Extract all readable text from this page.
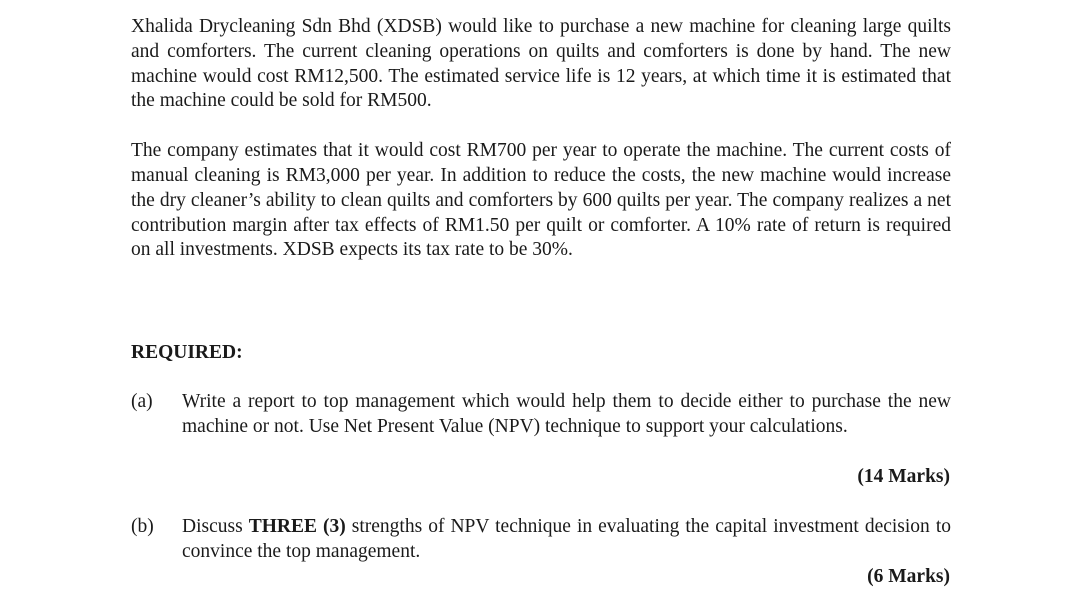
Xhalida Drycleaning Sdn Bhd (XDSB) would like to purchase a new machine for cleaning large quilts and comforters. The current cleaning operations on quilts and comforters is done by hand. The new machine would cost RM12,500. The estimated service life is 12 years, at which time it is estimated that the machine could be sold for RM500.

The company estimates that it would cost RM700 per year to operate the machine. The current costs of manual cleaning is RM3,000 per year. In addition to reduce the costs, the new machine would increase the dry cleaner’s ability to clean quilts and comforters by 600 quilts per year. The company realizes a net contribution margin after tax effects of RM1.50 per quilt or comforter. A 10% rate of return is required on all investments. XDSB expects its tax rate to be 30%.

REQUIRED:

(a) Write a report to top management which would help them to decide either to purchase the new machine or not. Use Net Present Value (NPV) technique to support your calculations.
(14 Marks)
(b) Discuss THREE (3) strengths of NPV technique in evaluating the capital investment decision to convince the top management.
(6 Marks)
